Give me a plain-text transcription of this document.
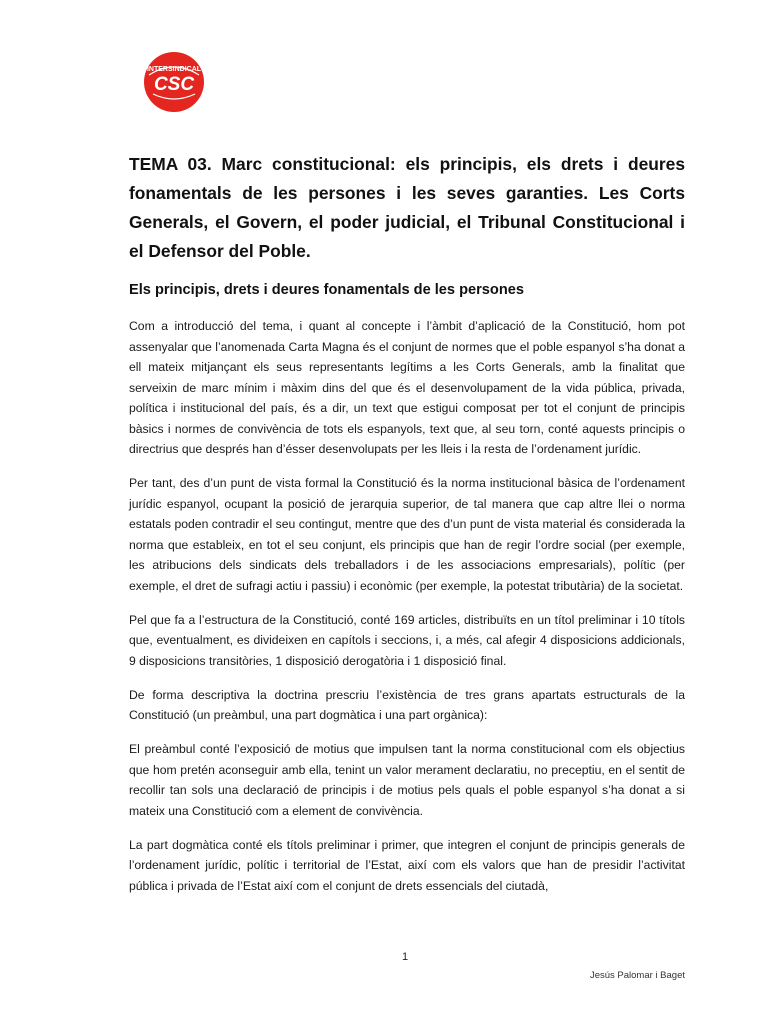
INTERSINDICAL
CSC
TEMA 03. Marc constitucional: els principis, els drets i deures fonamentals de les persones i les seves garanties. Les Corts Generals, el Govern, el poder judicial, el Tribunal Constitucional i el Defensor del Poble.
Els principis, drets i deures fonamentals de les persones

Com a introducció del tema, i quant al concepte i l’àmbit d’aplicació de la Constitució, hom pot assenyalar que l’anomenada Carta Magna és el conjunt de normes que el poble espanyol s’ha donat a ell mateix mitjançant els seus representants legítims a les Corts Generals, amb la finalitat que serveixin de marc mínim i màxim dins del que és el desenvolupament de la vida pública, privada, política i institucional del país, és a dir, un text que estigui composat per tot el conjunt de principis bàsics i normes de convivència de tots els espanyols, text que, al seu torn, conté aquests principis o directrius que després han d’ésser desenvolupats per les lleis i la resta de l’ordenament jurídic.

Per tant, des d’un punt de vista formal la Constitució és la norma institucional bàsica de l’ordenament jurídic espanyol, ocupant la posició de jerarquia superior, de tal manera que cap altre llei o norma estatals poden contradir el seu contingut, mentre que des d’un punt de vista material és considerada la norma que estableix, en tot el seu conjunt, els principis que han de regir l’ordre social (per exemple, les atribucions dels sindicats dels treballadors i de les associacions empresarials), polític (per exemple, el dret de sufragi actiu i passiu) i econòmic (per exemple, la potestat tributària) de la societat.

Pel que fa a l’estructura de la Constitució, conté 169 articles, distribuïts en un títol preliminar i 10 títols que, eventualment, es divideixen en capítols i seccions, i, a més, cal afegir 4 disposicions addicionals, 9 disposicions transitòries, 1 disposició derogatòria i 1 disposició final.

De forma descriptiva la doctrina prescriu l’existència de tres grans apartats estructurals de la Constitució (un preàmbul, una part dogmàtica i una part orgànica):

El preàmbul conté l’exposició de motius que impulsen tant la norma constitucional com els objectius que hom pretén aconseguir amb ella, tenint un valor merament declaratiu, no preceptiu, en el sentit de recollir tan sols una declaració de principis i de motius pels quals el poble espanyol s’ha donat a si mateix una Constitució com a element de convivència.

La part dogmàtica conté els títols preliminar i primer, que integren el conjunt de principis generals de l’ordenament jurídic, polític i territorial de l’Estat, així com els valors que han de presidir l’activitat pública i privada de l’Estat així com el conjunt de drets essencials del ciutadà,

1
Jesús Palomar i Baget
